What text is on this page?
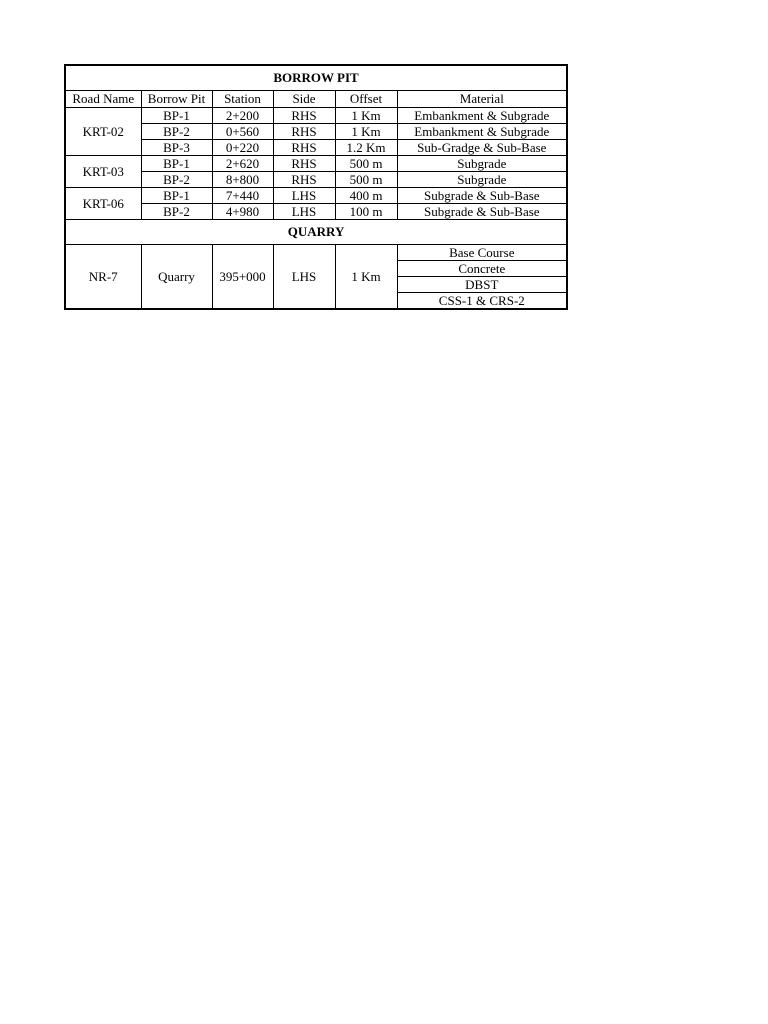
BORROW PIT					
Road Name	Borrow Pit	Station	Side	Offset	Material
KRT-02	BP-1	2+200	RHS	1 Km	Embankment & Subgrade
	BP-2	0+560	RHS	1 Km	Embankment & Subgrade
	BP-3	0+220	RHS	1.2 Km	Sub-Gradge & Sub-Base
KRT-03	BP-1	2+620	RHS	500 m	Subgrade
	BP-2	8+800	RHS	500 m	Subgrade
KRT-06	BP-1	7+440	LHS	400 m	Subgrade & Sub-Base
	BP-2	4+980	LHS	100 m	Subgrade & Sub-Base
QUARRY					
NR-7	Quarry	395+000	LHS	1 Km	Base Course
					Concrete
					DBST
					CSS-1 & CRS-2
